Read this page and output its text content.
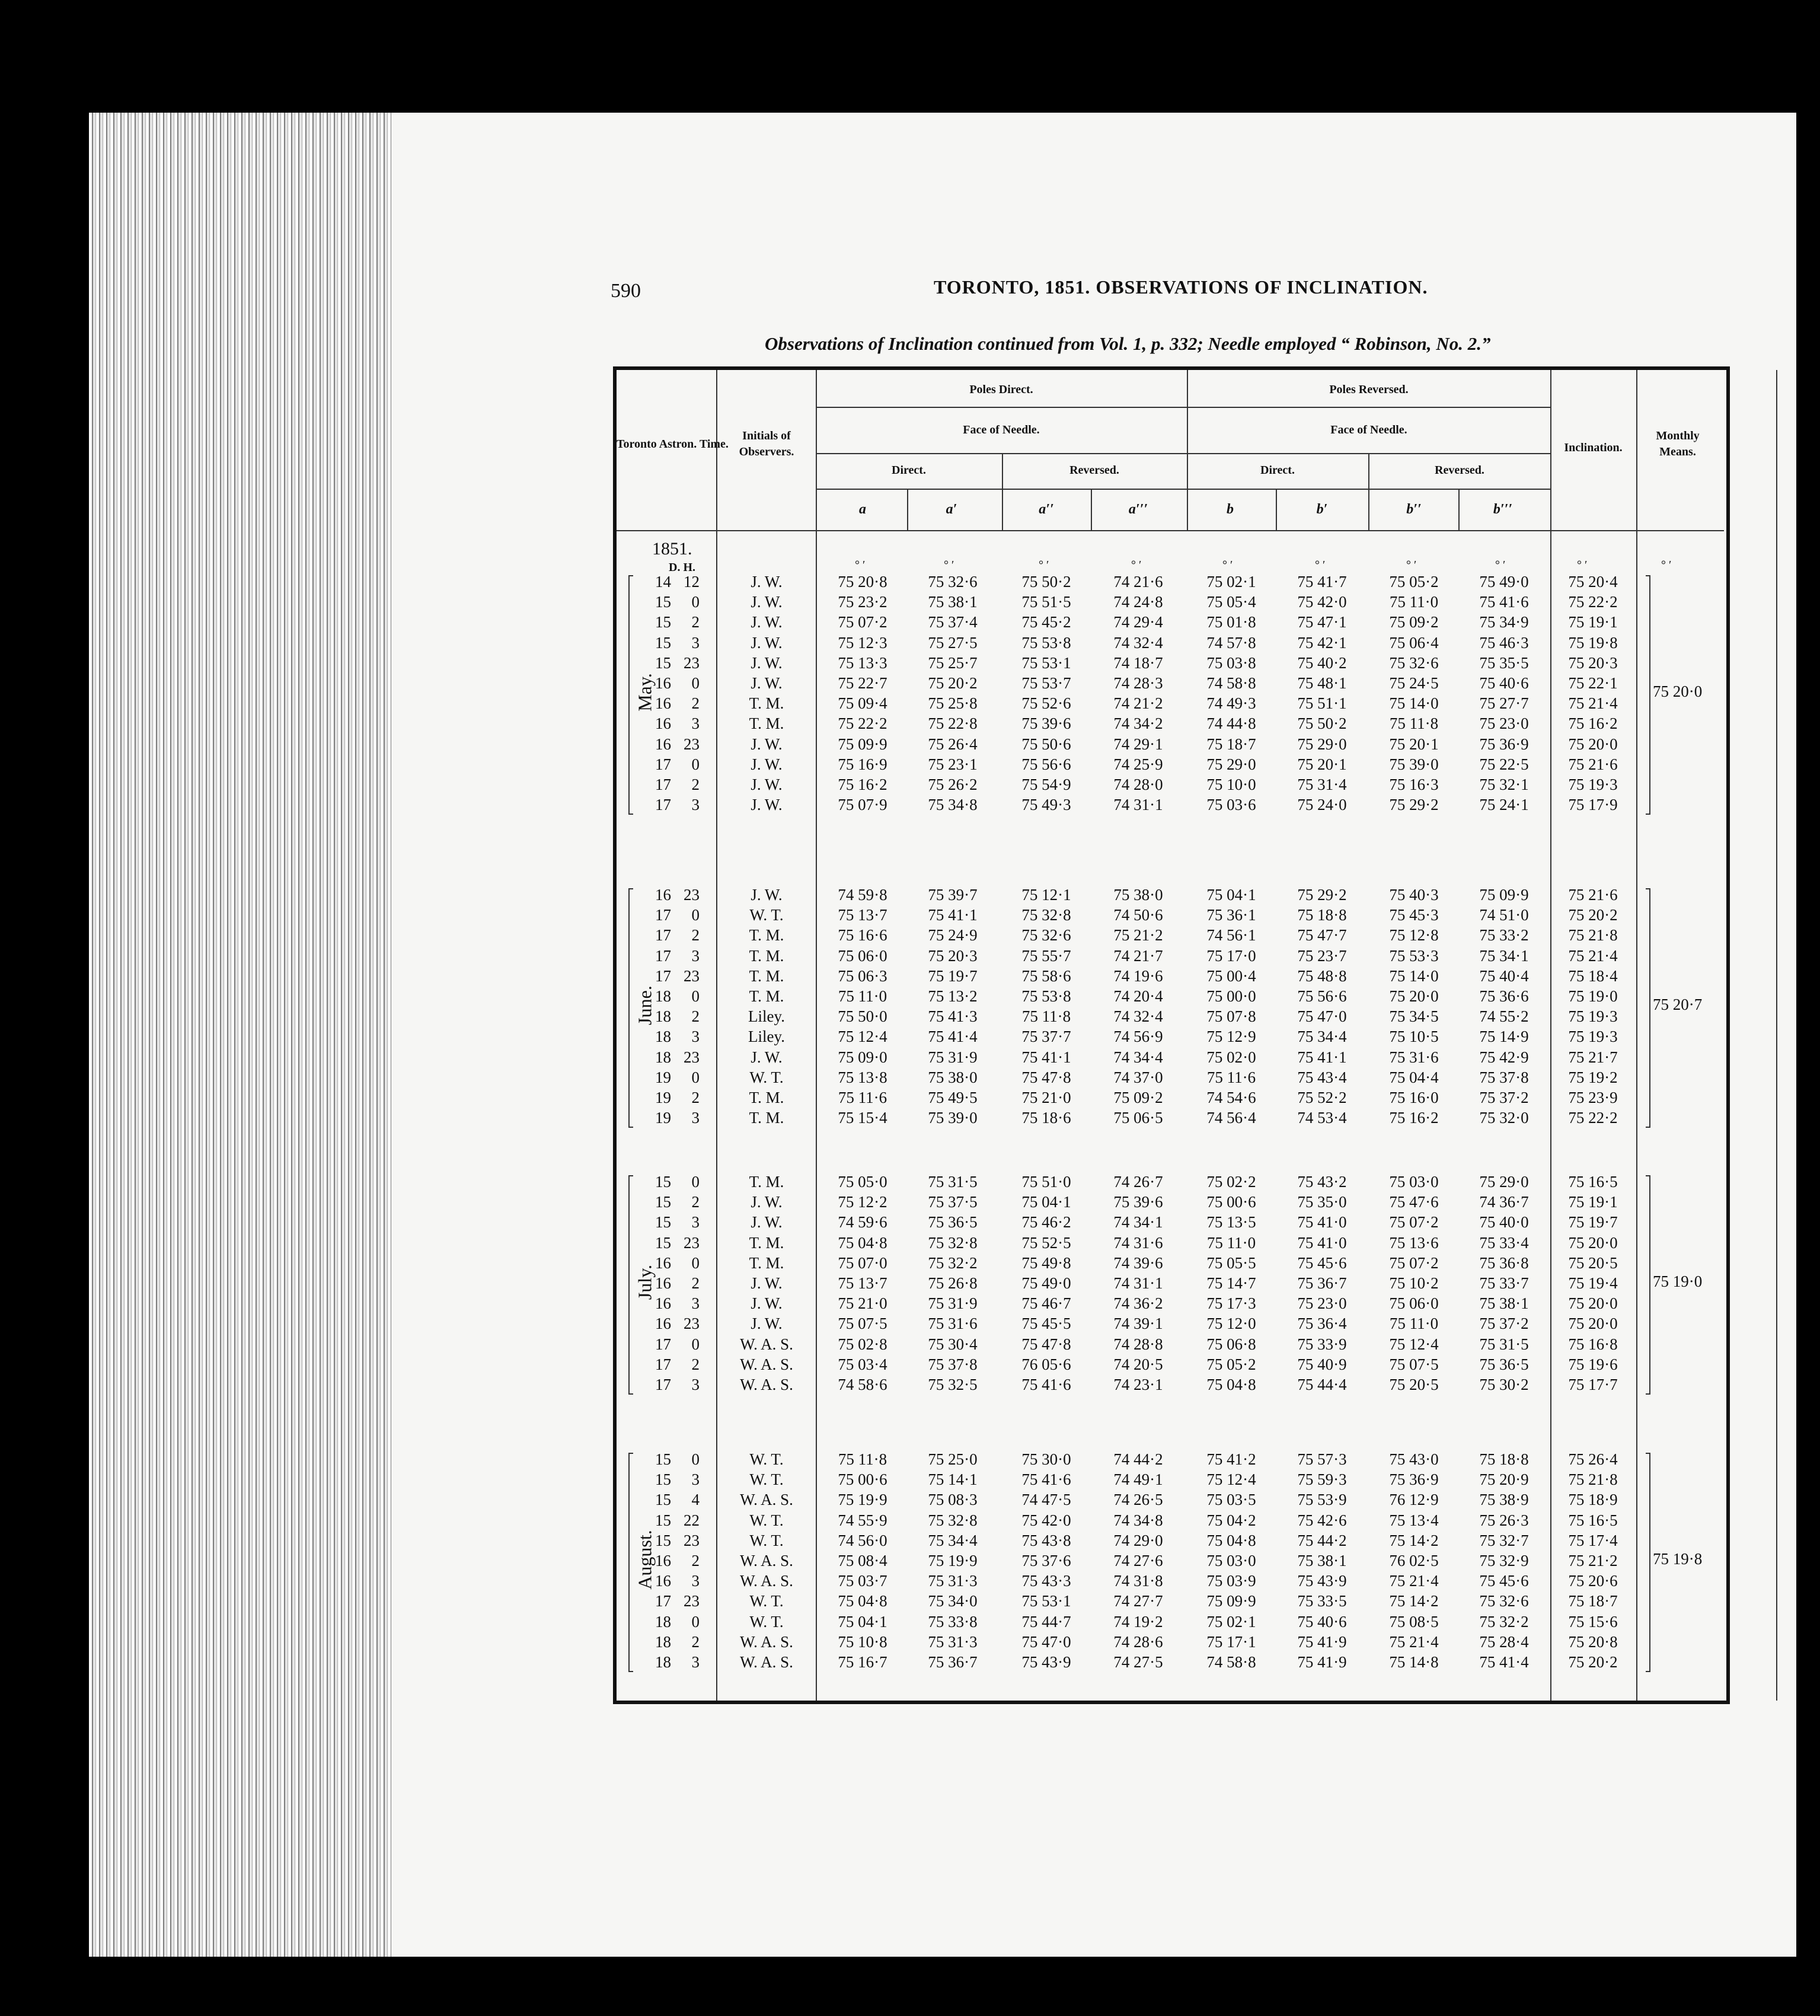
590	TORONTO, 1851. OBSERVATIONS OF INCLINATION.
Observations of Inclination continued from Vol. 1, p. 332; Needle employed “ Robinson, No. 2.”
Toronto Astron. Time.
Initials of Observers.
Poles Direct.	Poles Reversed.
Face of Needle.	Face of Needle.
Direct.	Reversed.	Direct.	Reversed.
Inclination.
Monthly Means.
a	a′	a′′	a′′′	b	b′	b′′	b′′′
1851.
D. H.	° ′	° ′	° ′	° ′	° ′	° ′	° ′	° ′	° ′	° ′
14 12	J. W.	75 20·8	75 32·6	75 50·2	74 21·6	75 02·1	75 41·7	75 05·2	75 49·0	75 20·4
15	0	J. W.	75 23·2	75 38·1	75 51·5	74 24·8	75 05·4	75 42·0	75 11·0	75 41·6	75 22·2
15	2	J. W.	75 07·2	75 37·4	75 45·2	74 29·4	75 01·8	75 47·1	75 09·2	75 34·9	75 19·1
15	3	J. W.	75 12·3	75 27·5	75 53·8	74 32·4	74 57·8	75 42·1	75 06·4	75 46·3	75 19·8
15 23	J. W.	75 13·3	75 25·7	75 53·1	74 18·7	75 03·8	75 40·2	75 32·6	75 35·5	75 20·3
16	0	J. W.	75 22·7	75 20·2	75 53·7	74 28·3	74 58·8	75 48·1	75 24·5	75 40·6	75 22·1
16	2	T. M.	75 09·4	75 25·8	75 52·6	74 21·2	74 49·3	75 51·1	75 14·0	75 27·7	75 21·4
16	3	T. M.	75 22·2	75 22·8	75 39·6	74 34·2	74 44·8	75 50·2	75 11·8	75 23·0	75 16·2
16 23	J. W.	75 09·9	75 26·4	75 50·6	74 29·1	75 18·7	75 29·0	75 20·1	75 36·9	75 20·0
17	0	J. W.	75 16·9	75 23·1	75 56·6	74 25·9	75 29·0	75 20·1	75 39·0	75 22·5	75 21·6
17	2	J. W.	75 16·2	75 26·2	75 54·9	74 28·0	75 10·0	75 31·4	75 16·3	75 32·1	75 19·3
17	3	J. W.	75 07·9	75 34·8	75 49·3	74 31·1	75 03·6	75 24·0	75 29·2	75 24·1	75 17·9
May.	75 20·0
16 23	J. W.	74 59·8	75 39·7	75 12·1	75 38·0	75 04·1	75 29·2	75 40·3	75 09·9	75 21·6
17	0	W. T.	75 13·7	75 41·1	75 32·8	74 50·6	75 36·1	75 18·8	75 45·3	74 51·0	75 20·2
17	2	T. M.	75 16·6	75 24·9	75 32·6	75 21·2	74 56·1	75 47·7	75 12·8	75 33·2	75 21·8
17	3	T. M.	75 06·0	75 20·3	75 55·7	74 21·7	75 17·0	75 23·7	75 53·3	75 34·1	75 21·4
17 23	T. M.	75 06·3	75 19·7	75 58·6	74 19·6	75 00·4	75 48·8	75 14·0	75 40·4	75 18·4
18	0	T. M.	75 11·0	75 13·2	75 53·8	74 20·4	75 00·0	75 56·6	75 20·0	75 36·6	75 19·0
18	2	Liley.	75 50·0	75 41·3	75 11·8	74 32·4	75 07·8	75 47·0	75 34·5	74 55·2	75 19·3
18	3	Liley.	75 12·4	75 41·4	75 37·7	74 56·9	75 12·9	75 34·4	75 10·5	75 14·9	75 19·3
18 23	J. W.	75 09·0	75 31·9	75 41·1	74 34·4	75 02·0	75 41·1	75 31·6	75 42·9	75 21·7
19	0	W. T.	75 13·8	75 38·0	75 47·8	74 37·0	75 11·6	75 43·4	75 04·4	75 37·8	75 19·2
19	2	T. M.	75 11·6	75 49·5	75 21·0	75 09·2	74 54·6	75 52·2	75 16·0	75 37·2	75 23·9
19	3	T. M.	75 15·4	75 39·0	75 18·6	75 06·5	74 56·4	74 53·4	75 16·2	75 32·0	75 22·2
June.	75 20·7
15	0	T. M.	75 05·0	75 31·5	75 51·0	74 26·7	75 02·2	75 43·2	75 03·0	75 29·0	75 16·5
15	2	J. W.	75 12·2	75 37·5	75 04·1	75 39·6	75 00·6	75 35·0	75 47·6	74 36·7	75 19·1
15	3	J. W.	74 59·6	75 36·5	75 46·2	74 34·1	75 13·5	75 41·0	75 07·2	75 40·0	75 19·7
15 23	T. M.	75 04·8	75 32·8	75 52·5	74 31·6	75 11·0	75 41·0	75 13·6	75 33·4	75 20·0
16	0	T. M.	75 07·0	75 32·2	75 49·8	74 39·6	75 05·5	75 45·6	75 07·2	75 36·8	75 20·5
16	2	J. W.	75 13·7	75 26·8	75 49·0	74 31·1	75 14·7	75 36·7	75 10·2	75 33·7	75 19·4
16	3	J. W.	75 21·0	75 31·9	75 46·7	74 36·2	75 17·3	75 23·0	75 06·0	75 38·1	75 20·0
16 23	J. W.	75 07·5	75 31·6	75 45·5	74 39·1	75 12·0	75 36·4	75 11·0	75 37·2	75 20·0
17	0	W. A. S.	75 02·8	75 30·4	75 47·8	74 28·8	75 06·8	75 33·9	75 12·4	75 31·5	75 16·8
17	2	W. A. S.	75 03·4	75 37·8	76 05·6	74 20·5	75 05·2	75 40·9	75 07·5	75 36·5	75 19·6
17	3	W. A. S.	74 58·6	75 32·5	75 41·6	74 23·1	75 04·8	75 44·4	75 20·5	75 30·2	75 17·7
July.	75 19·0
15	0	W. T.	75 11·8	75 25·0	75 30·0	74 44·2	75 41·2	75 57·3	75 43·0	75 18·8	75 26·4
15	3	W. T.	75 00·6	75 14·1	75 41·6	74 49·1	75 12·4	75 59·3	75 36·9	75 20·9	75 21·8
15	4	W. A. S.	75 19·9	75 08·3	74 47·5	74 26·5	75 03·5	75 53·9	76 12·9	75 38·9	75 18·9
15 22	W. T.	74 55·9	75 32·8	75 42·0	74 34·8	75 04·2	75 42·6	75 13·4	75 26·3	75 16·5
15 23	W. T.	74 56·0	75 34·4	75 43·8	74 29·0	75 04·8	75 44·2	75 14·2	75 32·7	75 17·4
16	2	W. A. S.	75 08·4	75 19·9	75 37·6	74 27·6	75 03·0	75 38·1	76 02·5	75 32·9	75 21·2
16	3	W. A. S.	75 03·7	75 31·3	75 43·3	74 31·8	75 03·9	75 43·9	75 21·4	75 45·6	75 20·6
17 23	W. T.	75 04·8	75 34·0	75 53·1	74 27·7	75 09·9	75 33·5	75 14·2	75 32·6	75 18·7
18	0	W. T.	75 04·1	75 33·8	75 44·7	74 19·2	75 02·1	75 40·6	75 08·5	75 32·2	75 15·6
18	2	W. A. S.	75 10·8	75 31·3	75 47·0	74 28·6	75 17·1	75 41·9	75 21·4	75 28·4	75 20·8
18	3	W. A. S.	75 16·7	75 36·7	75 43·9	74 27·5	74 58·8	75 41·9	75 14·8	75 41·4	75 20·2
August.	75 19·8
